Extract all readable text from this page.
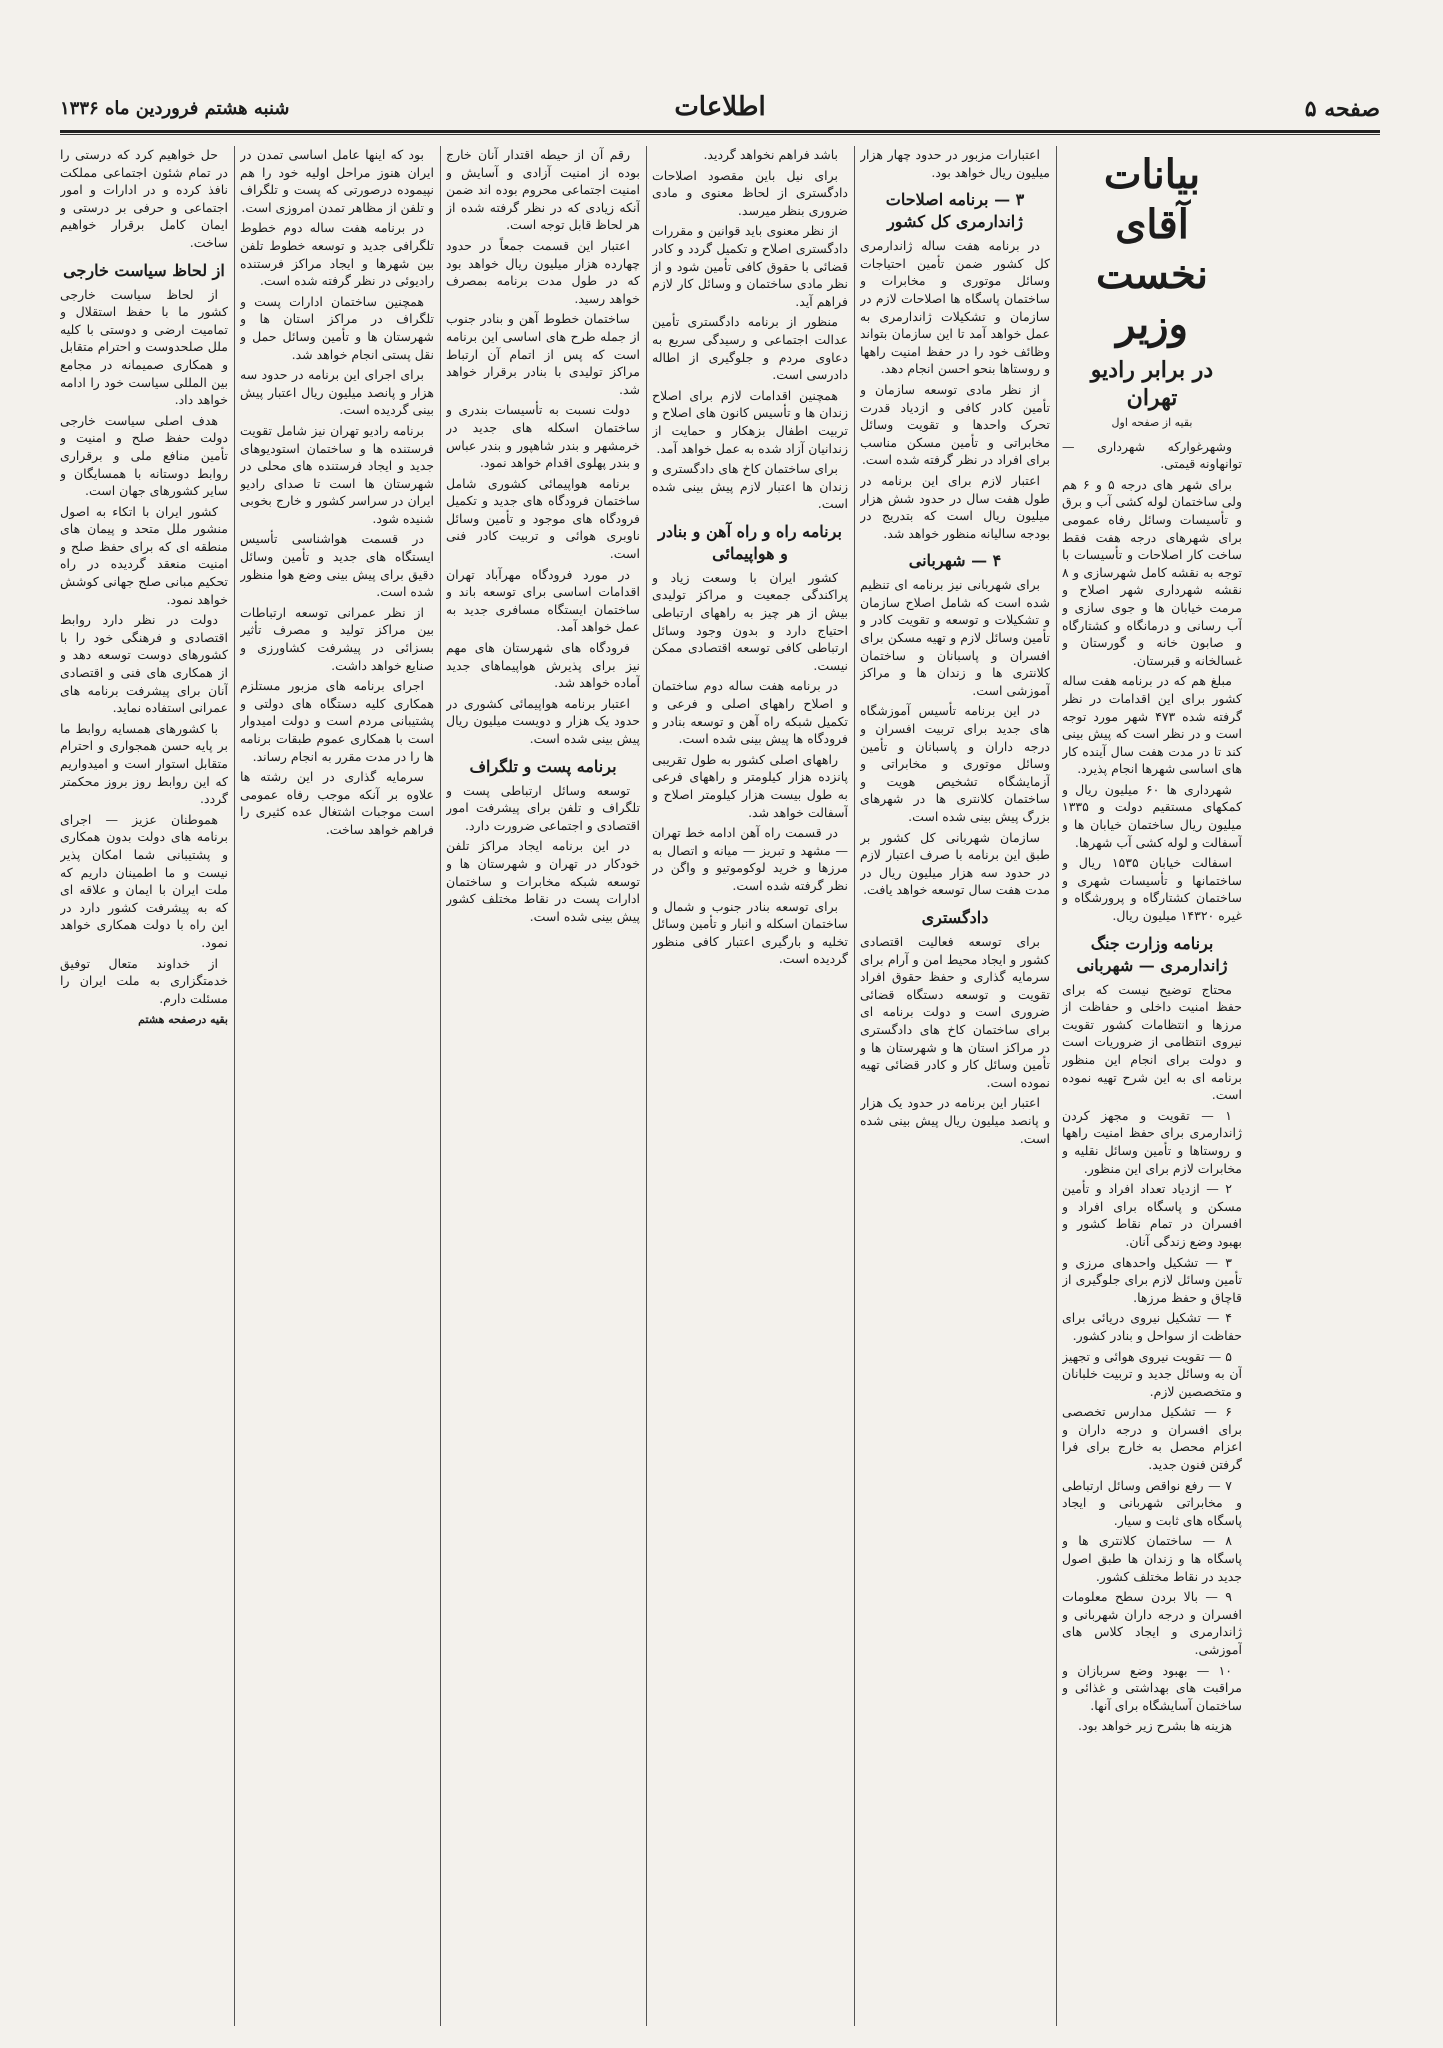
صفحه ۵
اطلاعات
شنبه هشتم فروردین ماه ۱۳۳۶
بیانات آقای نخست وزیر
در برابر رادیو تهران
بقیه از صفحه اول

وشهرغوارکه شهرداری — توانهاونه قیمتی.

برای شهر های درجه ۵ و ۶ هم ولی ساختمان لوله کشی آب و برق و تأسیسات وسائل رفاه عمومی برای شهرهای درجه هفت فقط ساخت کار اصلاحات و تأسیسات با توجه به نقشه کامل شهرسازی و ۸ نقشه شهرداری شهر اصلاح و مرمت خیابان ها و جوی سازی و آب رسانی و درمانگاه و کشتارگاه و صابون خانه و گورستان و غسالخانه و قبرستان.

مبلغ هم که در برنامه هفت ساله کشور برای این اقدامات در نظر گرفته شده ۴۷۳ شهر مورد توجه است و در نظر است که پیش بینی کند تا در مدت هفت سال آینده کار های اساسی شهرها انجام پذیرد.

شهرداری ها ۶۰ میلیون ریال و کمکهای مستقیم دولت و ۱۳۳۵ میلیون ریال ساختمان خیابان ها و آسفالت و لوله کشی آب شهرها.

اسفالت خیابان ۱۵۳۵ ریال و ساختمانها و تأسیسات شهری و ساختمان کشتارگاه و پرورشگاه و غیره ۱۴۳۲۰ میلیون ریال.

برنامه وزارت جنگ ژاندارمری — شهربانی

محتاج توضیح نیست که برای حفظ امنیت داخلی و حفاظت از مرزها و انتظامات کشور تقویت نیروی انتظامی از ضروریات است و دولت برای انجام این منظور برنامه ای به این شرح تهیه نموده است.

۱ — تقویت و مجهز کردن ژاندارمری برای حفظ امنیت راهها و روستاها و تأمین وسائل نقلیه و مخابرات لازم برای این منظور.

۲ — ازدیاد تعداد افراد و تأمین مسکن و پاسگاه برای افراد و افسران در تمام نقاط کشور و بهبود وضع زندگی آنان.

۳ — تشکیل واحدهای مرزی و تأمین وسائل لازم برای جلوگیری از قاچاق و حفظ مرزها.

۴ — تشکیل نیروی دریائی برای حفاظت از سواحل و بنادر کشور.

۵ — تقویت نیروی هوائی و تجهیز آن به وسائل جدید و تربیت خلبانان و متخصصین لازم.

۶ — تشکیل مدارس تخصصی برای افسران و درجه داران و اعزام محصل به خارج برای فرا گرفتن فنون جدید.

۷ — رفع نواقص وسائل ارتباطی و مخابراتی شهربانی و ایجاد پاسگاه های ثابت و سیار.

۸ — ساختمان کلانتری ها و پاسگاه ها و زندان ها طبق اصول جدید در نقاط مختلف کشور.

۹ — بالا بردن سطح معلومات افسران و درجه داران شهربانی و ژاندارمری و ایجاد کلاس های آموزشی.

۱۰ — بهبود وضع سربازان و مراقبت های بهداشتی و غذائی و ساختمان آسایشگاه برای آنها.

هزینه ها بشرح زیر خواهد بود.

اعتبارات مزبور در حدود چهار هزار میلیون ریال خواهد بود.

۳ — برنامه اصلاحات ژاندارمری کل کشور

در برنامه هفت ساله ژاندارمری کل کشور ضمن تأمین احتیاجات وسائل موتوری و مخابرات و ساختمان پاسگاه ها اصلاحات لازم در سازمان و تشکیلات ژاندارمری به عمل خواهد آمد تا این سازمان بتواند وظائف خود را در حفظ امنیت راهها و روستاها بنحو احسن انجام دهد.

از نظر مادی توسعه سازمان و تأمین کادر کافی و ازدیاد قدرت تحرک واحدها و تقویت وسائل مخابراتی و تأمین مسکن مناسب برای افراد در نظر گرفته شده است.

اعتبار لازم برای این برنامه در طول هفت سال در حدود شش هزار میلیون ریال است که بتدریج در بودجه سالیانه منظور خواهد شد.

۴ — شهربانی

برای شهربانی نیز برنامه ای تنظیم شده است که شامل اصلاح سازمان و تشکیلات و توسعه و تقویت کادر و تأمین وسائل لازم و تهیه مسکن برای افسران و پاسبانان و ساختمان کلانتری ها و زندان ها و مراکز آموزشی است.

در این برنامه تأسیس آموزشگاه های جدید برای تربیت افسران و درجه داران و پاسبانان و تأمین وسائل موتوری و مخابراتی و آزمایشگاه تشخیص هویت و ساختمان کلانتری ها در شهرهای بزرگ پیش بینی شده است.

سازمان شهربانی کل کشور بر طبق این برنامه با صرف اعتبار لازم در حدود سه هزار میلیون ریال در مدت هفت سال توسعه خواهد یافت.

دادگستری

برای توسعه فعالیت اقتصادی کشور و ایجاد محیط امن و آرام برای سرمایه گذاری و حفظ حقوق افراد تقویت و توسعه دستگاه قضائی ضروری است و دولت برنامه ای برای ساختمان کاخ های دادگستری در مراکز استان ها و شهرستان ها و تأمین وسائل کار و کادر قضائی تهیه نموده است.

اعتبار این برنامه در حدود یک هزار و پانصد میلیون ریال پیش بینی شده است.

باشد فراهم نخواهد گردید.

برای نیل باین مقصود اصلاحات دادگستری از لحاظ معنوی و مادی ضروری بنظر میرسد.

از نظر معنوی باید قوانین و مقررات دادگستری اصلاح و تکمیل گردد و کادر قضائی با حقوق کافی تأمین شود و از نظر مادی ساختمان و وسائل کار لازم فراهم آید.

منظور از برنامه دادگستری تأمین عدالت اجتماعی و رسیدگی سریع به دعاوی مردم و جلوگیری از اطاله دادرسی است.

همچنین اقدامات لازم برای اصلاح زندان ها و تأسیس کانون های اصلاح و تربیت اطفال بزهکار و حمایت از زندانیان آزاد شده به عمل خواهد آمد.

برای ساختمان کاخ های دادگستری و زندان ها اعتبار لازم پیش بینی شده است.

برنامه راه و راه آهن و بنادر و هواپیمائی

کشور ایران با وسعت زیاد و پراکندگی جمعیت و مراکز تولیدی بیش از هر چیز به راههای ارتباطی احتیاج دارد و بدون وجود وسائل ارتباطی کافی توسعه اقتصادی ممکن نیست.

در برنامه هفت ساله دوم ساختمان و اصلاح راههای اصلی و فرعی و تکمیل شبکه راه آهن و توسعه بنادر و فرودگاه ها پیش بینی شده است.

راههای اصلی کشور به طول تقریبی پانزده هزار کیلومتر و راههای فرعی به طول بیست هزار کیلومتر اصلاح و آسفالت خواهد شد.

در قسمت راه آهن ادامه خط تهران — مشهد و تبریز — میانه و اتصال به مرزها و خرید لوکوموتیو و واگن در نظر گرفته شده است.

برای توسعه بنادر جنوب و شمال و ساختمان اسکله و انبار و تأمین وسائل تخلیه و بارگیری اعتبار کافی منظور گردیده است.

رقم آن از حیطه اقتدار آنان خارج بوده از امنیت آزادی و آسایش و امنیت اجتماعی محروم بوده اند ضمن آنکه زیادی که در نظر گرفته شده از هر لحاظ قابل توجه است.

اعتبار این قسمت جمعاً در حدود چهارده هزار میلیون ریال خواهد بود که در طول مدت برنامه بمصرف خواهد رسید.

ساختمان خطوط آهن و بنادر جنوب از جمله طرح های اساسی این برنامه است که پس از اتمام آن ارتباط مراکز تولیدی با بنادر برقرار خواهد شد.

دولت نسبت به تأسیسات بندری و ساختمان اسکله های جدید در خرمشهر و بندر شاهپور و بندر عباس و بندر پهلوی اقدام خواهد نمود.

برنامه هواپیمائی کشوری شامل ساختمان فرودگاه های جدید و تکمیل فرودگاه های موجود و تأمین وسائل ناوبری هوائی و تربیت کادر فنی است.

در مورد فرودگاه مهرآباد تهران اقدامات اساسی برای توسعه باند و ساختمان ایستگاه مسافری جدید به عمل خواهد آمد.

فرودگاه های شهرستان های مهم نیز برای پذیرش هواپیماهای جدید آماده خواهد شد.

اعتبار برنامه هواپیمائی کشوری در حدود یک هزار و دویست میلیون ریال پیش بینی شده است.

برنامه پست و تلگراف

توسعه وسائل ارتباطی پست و تلگراف و تلفن برای پیشرفت امور اقتصادی و اجتماعی ضرورت دارد.

در این برنامه ایجاد مراکز تلفن خودکار در تهران و شهرستان ها و توسعه شبکه مخابرات و ساختمان ادارات پست در نقاط مختلف کشور پیش بینی شده است.

بود که اینها عامل اساسی تمدن در ایران هنوز مراحل اولیه خود را هم نپیموده درصورتی که پست و تلگراف و تلفن از مظاهر تمدن امروزی است.

در برنامه هفت ساله دوم خطوط تلگرافی جدید و توسعه خطوط تلفن بین شهرها و ایجاد مراکز فرستنده رادیوئی در نظر گرفته شده است.

همچنین ساختمان ادارات پست و تلگراف در مراکز استان ها و شهرستان ها و تأمین وسائل حمل و نقل پستی انجام خواهد شد.

برای اجرای این برنامه در حدود سه هزار و پانصد میلیون ریال اعتبار پیش بینی گردیده است.

برنامه رادیو تهران نیز شامل تقویت فرستنده ها و ساختمان استودیوهای جدید و ایجاد فرستنده های محلی در شهرستان ها است تا صدای رادیو ایران در سراسر کشور و خارج بخوبی شنیده شود.

در قسمت هواشناسی تأسیس ایستگاه های جدید و تأمین وسائل دقیق برای پیش بینی وضع هوا منظور شده است.

از نظر عمرانی توسعه ارتباطات بین مراکز تولید و مصرف تأثیر بسزائی در پیشرفت کشاورزی و صنایع خواهد داشت.

اجرای برنامه های مزبور مستلزم همکاری کلیه دستگاه های دولتی و پشتیبانی مردم است و دولت امیدوار است با همکاری عموم طبقات برنامه ها را در مدت مقرر به انجام رساند.

سرمایه گذاری در این رشته ها علاوه بر آنکه موجب رفاه عمومی است موجبات اشتغال عده کثیری را فراهم خواهد ساخت.

حل خواهیم کرد که درستی را در تمام شئون اجتماعی مملکت نافذ کرده و در ادارات و امور اجتماعی و حرفی بر درستی و ایمان کامل برقرار خواهیم ساخت.

از لحاظ سیاست خارجی

از لحاظ سیاست خارجی کشور ما با حفظ استقلال و تمامیت ارضی و دوستی با کلیه ملل صلحدوست و احترام متقابل و همکاری صمیمانه در مجامع بین المللی سیاست خود را ادامه خواهد داد.

هدف اصلی سیاست خارجی دولت حفظ صلح و امنیت و تأمین منافع ملی و برقراری روابط دوستانه با همسایگان و سایر کشورهای جهان است.

کشور ایران با اتکاء به اصول منشور ملل متحد و پیمان های منطقه ای که برای حفظ صلح و امنیت منعقد گردیده در راه تحکیم مبانی صلح جهانی کوشش خواهد نمود.

دولت در نظر دارد روابط اقتصادی و فرهنگی خود را با کشورهای دوست توسعه دهد و از همکاری های فنی و اقتصادی آنان برای پیشرفت برنامه های عمرانی استفاده نماید.

با کشورهای همسایه روابط ما بر پایه حسن همجواری و احترام متقابل استوار است و امیدواریم که این روابط روز بروز محکمتر گردد.

هموطنان عزیز — اجرای برنامه های دولت بدون همکاری و پشتیبانی شما امکان پذیر نیست و ما اطمینان داریم که ملت ایران با ایمان و علاقه ای که به پیشرفت کشور دارد در این راه با دولت همکاری خواهد نمود.

از خداوند متعال توفیق خدمتگزاری به ملت ایران را مسئلت دارم.

بقیه درصفحه هشتم
